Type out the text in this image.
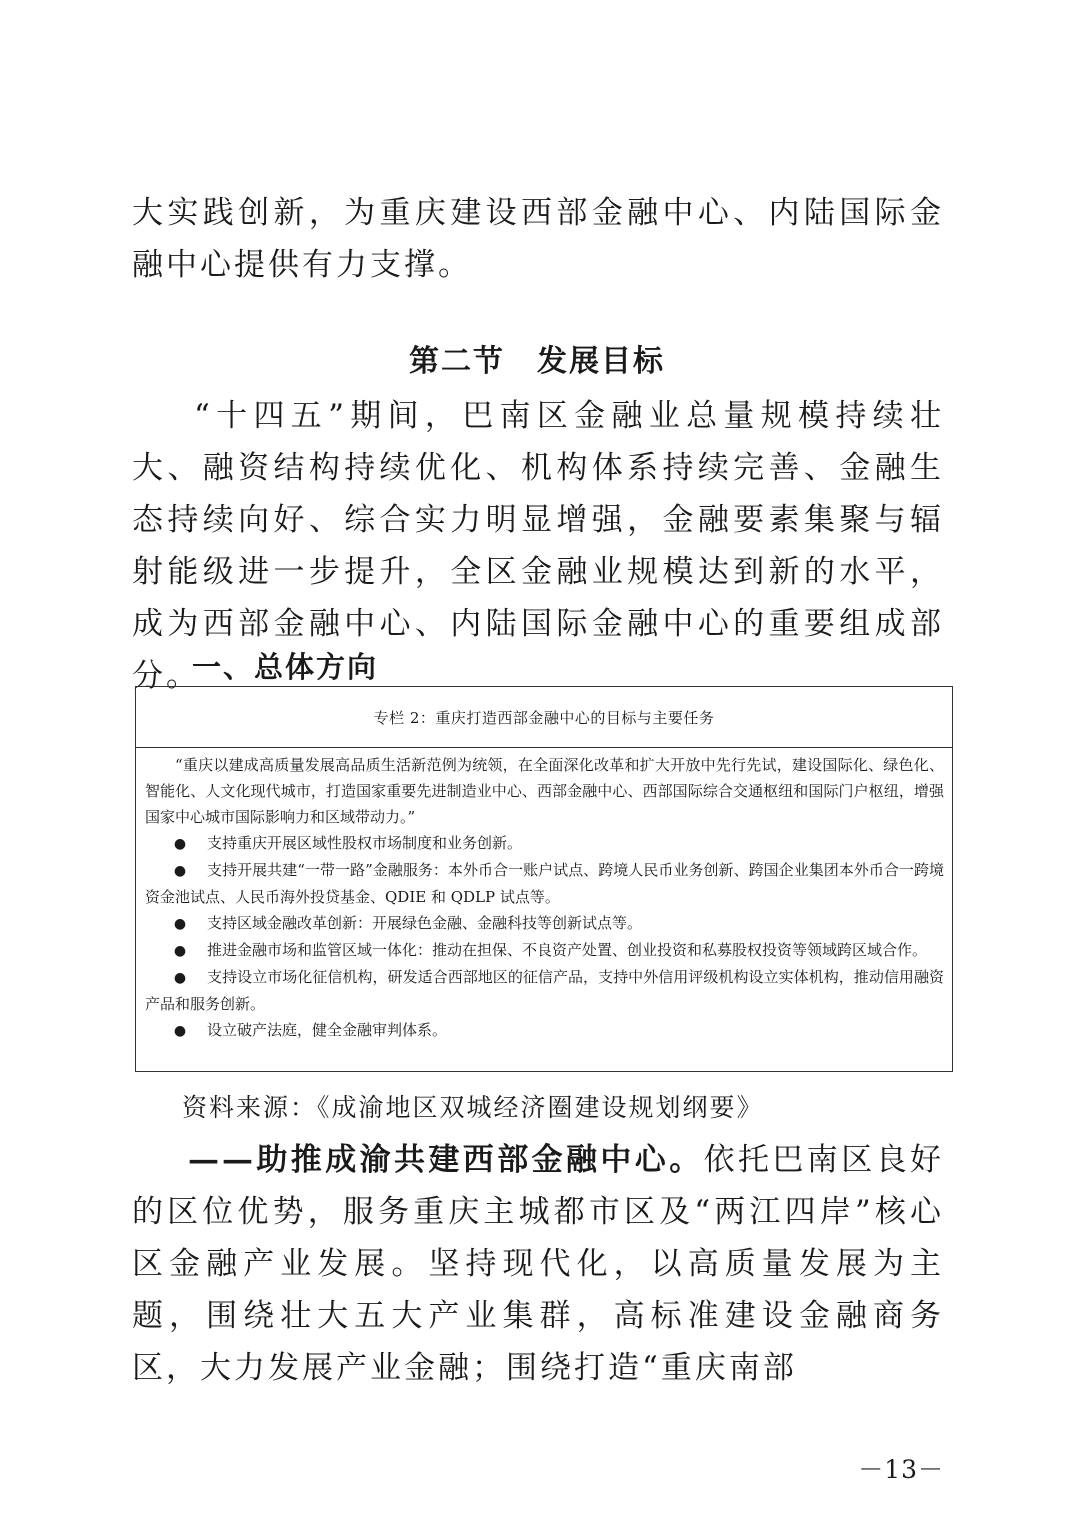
大实践创新，为重庆建设西部金融中心、内陆国际金融中心提供有力支撑。

第二节　发展目标

“十四五”期间，巴南区金融业总量规模持续壮大、融资结构持续优化、机构体系持续完善、金融生态持续向好、综合实力明显增强，金融要素集聚与辐射能级进一步提升，全区金融业规模达到新的水平，成为西部金融中心、内陆国际金融中心的重要组成部分。

一、总体方向
专栏 2：重庆打造西部金融中心的目标与主要任务

“重庆以建成高质量发展高品质生活新范例为统领，在全面深化改革和扩大开放中先行先试，建设国际化、绿色化、智能化、人文化现代城市，打造国家重要先进制造业中心、西部金融中心、西部国际综合交通枢纽和国际门户枢纽，增强国家中心城市国际影响力和区域带动力。”

●支持重庆开展区域性股权市场制度和业务创新。

●支持开展共建“一带一路”金融服务：本外币合一账户试点、跨境人民币业务创新、跨国企业集团本外币合一跨境资金池试点、人民币海外投贷基金、QDIE 和 QDLP 试点等。

●支持区域金融改革创新：开展绿色金融、金融科技等创新试点等。

●推进金融市场和监管区域一体化：推动在担保、不良资产处置、创业投资和私募股权投资等领域跨区域合作。

●支持设立市场化征信机构，研发适合西部地区的征信产品，支持中外信用评级机构设立实体机构，推动信用融资产品和服务创新。

●设立破产法庭，健全金融审判体系。

资料来源：《成渝地区双城经济圈建设规划纲要》

——助推成渝共建西部金融中心。依托巴南区良好的区位优势，服务重庆主城都市区及“两江四岸”核心区金融产业发展。坚持现代化，以高质量发展为主题，围绕壮大五大产业集群，高标准建设金融商务区，大力发展产业金融；围绕打造“重庆南部

－13－
